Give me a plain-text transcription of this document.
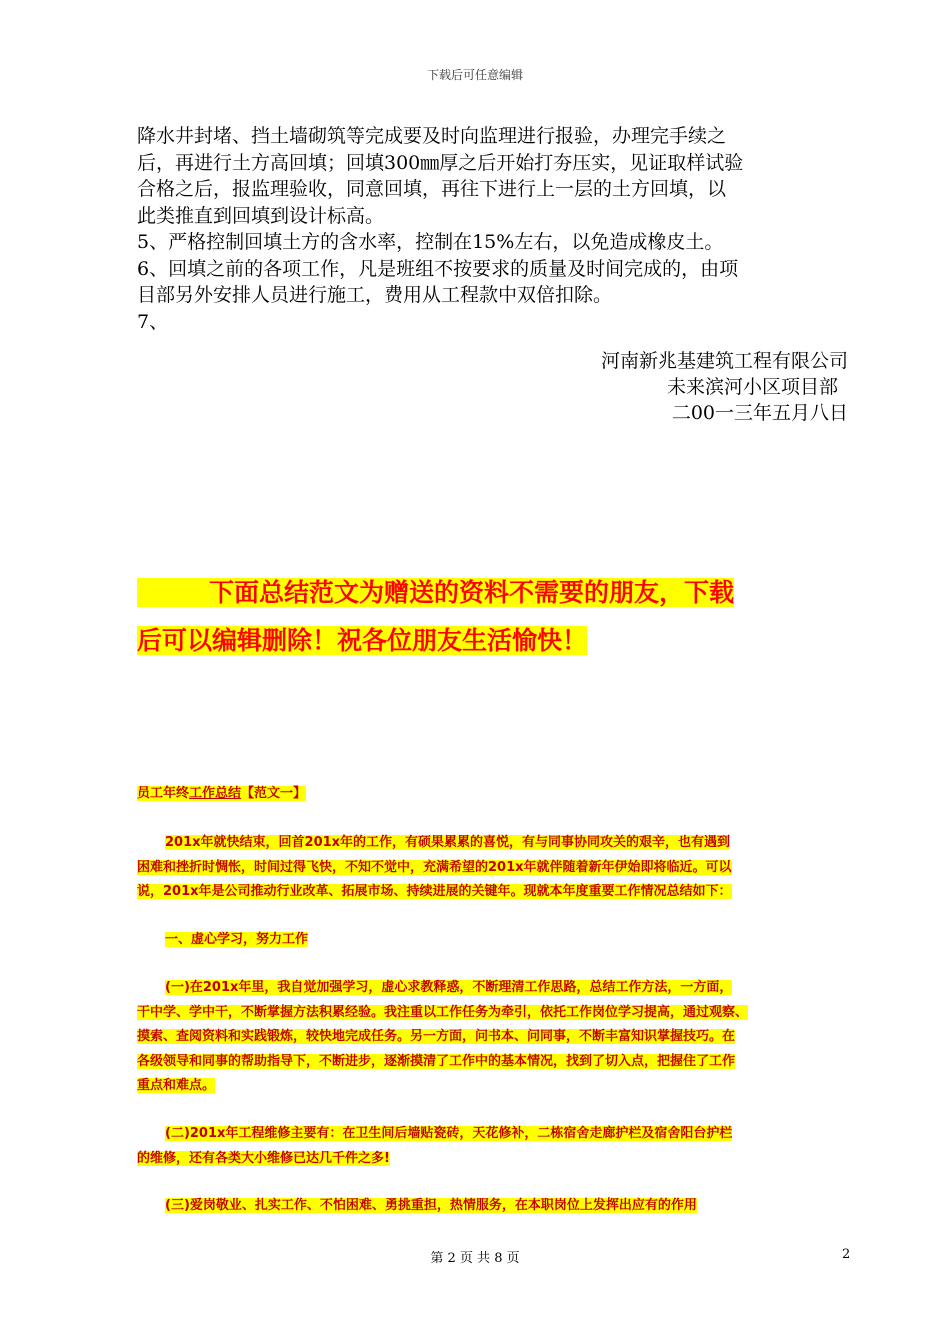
下载后可任意编辑

降水井封堵、挡土墙砌筑等完成要及时向监理进行报验，办理完手续之

后，再进行土方高回填；回填300㎜厚之后开始打夯压实，见证取样试验

合格之后，报监理验收，同意回填，再往下进行上一层的土方回填，以

此类推直到回填到设计标高。

5、严格控制回填土方的含水率，控制在15%左右，以免造成橡皮土。

6、回填之前的各项工作，凡是班组不按要求的质量及时间完成的，由项

目部另外安排人员进行施工，费用从工程款中双倍扣除。

7、

河南新兆基建筑工程有限公司
未来滨河小区项目部
二00一三年五月八日
下面总结范文为赠送的资料不需要的朋友，下载
后可以编辑删除！祝各位朋友生活愉快！
员工年终工作总结【范文一】

201x年就快结束，回首201x年的工作，有硕果累累的喜悦，有与同事协同攻关的艰辛，也有遇到

困难和挫折时惆怅，时间过得飞快，不知不觉中，充满希望的201x年就伴随着新年伊始即将临近。可以

说，201x年是公司推动行业改革、拓展市场、持续进展的关键年。现就本年度重要工作情况总结如下：

一、虚心学习，努力工作

(一)在201x年里，我自觉加强学习，虚心求教释惑，不断理清工作思路，总结工作方法，一方面，

干中学、学中干，不断掌握方法积累经验。我注重以工作任务为牵引，依托工作岗位学习提高，通过观察、

摸索、查阅资料和实践锻炼，较快地完成任务。另一方面，问书本、问同事，不断丰富知识掌握技巧。在

各级领导和同事的帮助指导下，不断进步，逐渐摸清了工作中的基本情况，找到了切入点，把握住了工作

重点和难点。

(二)201x年工程维修主要有：在卫生间后墙贴瓷砖，天花修补，二栋宿舍走廊护栏及宿舍阳台护栏

的维修，还有各类大小维修已达几千件之多!

(三)爱岗敬业、扎实工作、不怕困难、勇挑重担，热情服务，在本职岗位上发挥出应有的作用

第 2 页 共 8 页	2
